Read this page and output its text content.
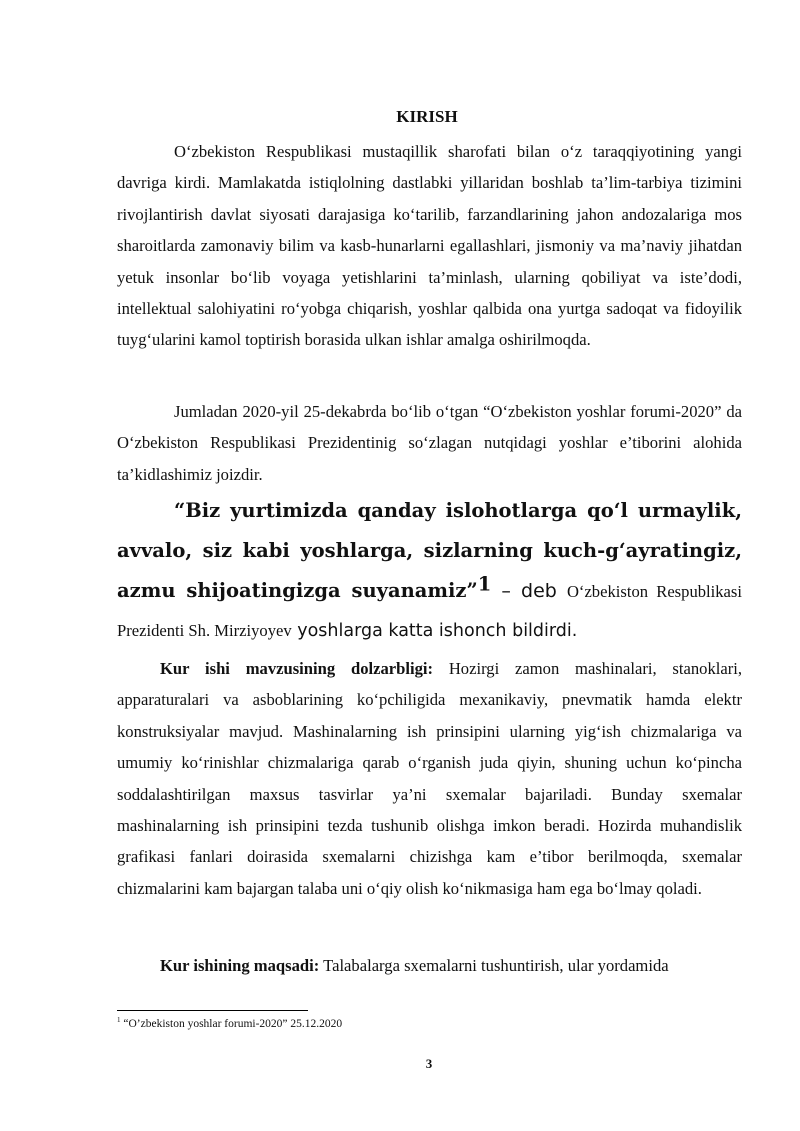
KIRISH

O‘zbekiston Respublikasi mustaqillik sharofati bilan o‘z taraqqiyotining yangi davriga kirdi. Mamlakatda istiqlolning dastlabki yillaridan boshlab ta’lim-tarbiya tizimini rivojlantirish davlat siyosati darajasiga ko‘tarilib, farzandlarining jahon andozalariga mos sharoitlarda zamonaviy bilim va kasb-hunarlarni egallashlari, jismoniy va ma’naviy jihatdan yetuk insonlar bo‘lib voyaga yetishlarini ta’minlash, ularning qobiliyat va iste’dodi, intellektual salohiyatini ro‘yobga chiqarish, yoshlar qalbida ona yurtga sadoqat va fidoyilik tuyg‘ularini kamol toptirish borasida ulkan ishlar amalga oshirilmoqda.

Jumladan 2020-yil 25-dekabrda bo‘lib o‘tgan “O‘zbekiston yoshlar forumi-2020” da O‘zbekiston Respublikasi Prezidentinig so‘zlagan nutqidagi yoshlar e’tiborini alohida ta’kidlashimiz joizdir.

“Biz yurtimizda qanday islohotlarga qo‘l urmaylik, avvalo, siz kabi yoshlarga, sizlarning kuch-g‘ayratingiz, azmu shijoatingizga suyanamiz”$^1$ – deb O‘zbekiston Respublikasi Prezidenti Sh. Mirziyoyev yoshlarga katta ishonch bildirdi.

Kur ishi mavzusining dolzarbligi: Hozirgi zamon mashinalari, stanoklari, apparaturalari va asboblarining ko‘pchiligida mexanikaviy, pnevmatik hamda elektr konstruksiyalar mavjud. Mashinalarning ish prinsipini ularning yig‘ish chizmalariga va umumiy ko‘rinishlar chizmalariga qarab o‘rganish juda qiyin, shuning uchun ko‘pincha soddalashtirilgan maxsus tasvirlar ya’ni sxemalar bajariladi. Bunday sxemalar mashinalarning ish prinsipini tezda tushunib olishga imkon beradi. Hozirda muhandislik grafikasi fanlari doirasida sxemalarni chizishga kam e’tibor berilmoqda, sxemalar chizmalarini kam bajargan talaba uni o‘qiy olish ko‘nikmasiga ham ega bo‘lmay qoladi.

Kur ishining maqsadi: Talabalarga sxemalarni tushuntirish, ular yordamida

$^1$ “O’zbekiston yoshlar forumi-2020” 25.12.2020
3
